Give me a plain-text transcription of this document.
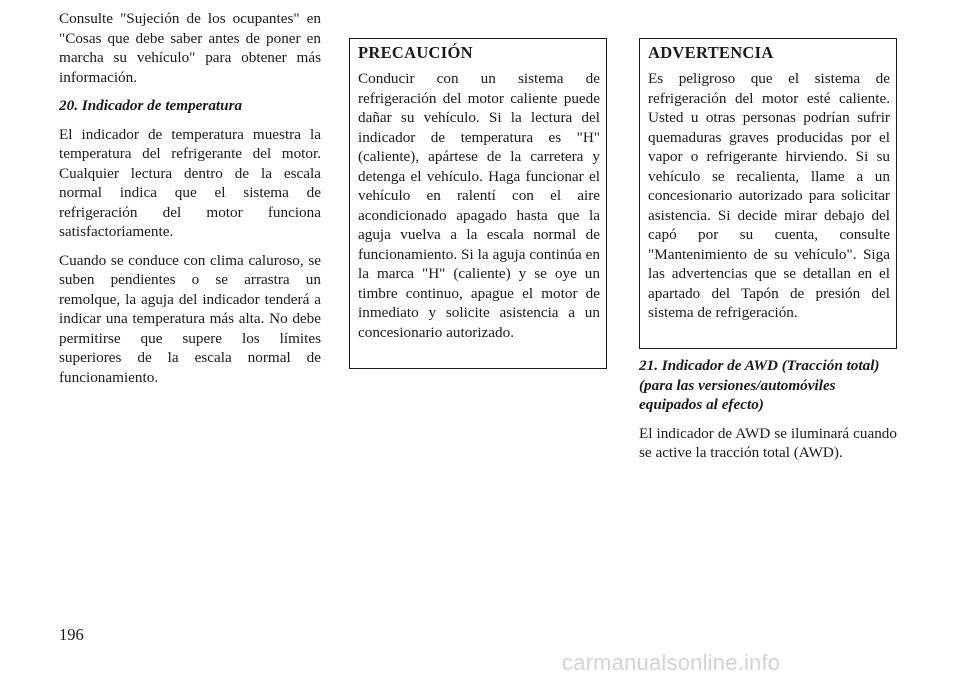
Consulte "Sujeción de los ocupantes" en "Cosas que debe saber antes de poner en marcha su vehículo" para obtener más información.

20. Indicador de temperatura

El indicador de temperatura muestra la temperatura del refrigerante del motor. Cualquier lectura dentro de la escala normal indica que el sistema de refrigeración del motor funciona satisfactoriamente.

Cuando se conduce con clima caluroso, se suben pendientes o se arrastra un remolque, la aguja del indicador tenderá a indicar una temperatura más alta. No debe permitirse que supere los límites superiores de la escala normal de funcionamiento.

PRECAUCIÓN

Conducir con un sistema de refrigeración del motor caliente puede dañar su vehículo. Si la lectura del indicador de temperatura es "H" (caliente), apártese de la carretera y detenga el vehículo. Haga funcionar el vehículo en ralentí con el aire acondicionado apagado hasta que la aguja vuelva a la escala normal de funcionamiento. Si la aguja continúa en la marca "H" (caliente) y se oye un timbre continuo, apague el motor de inmediato y solicite asistencia a un concesionario autorizado.

ADVERTENCIA

Es peligroso que el sistema de refrigeración del motor esté caliente. Usted u otras personas podrían sufrir quemaduras graves producidas por el vapor o refrigerante hirviendo. Si su vehículo se recalienta, llame a un concesionario autorizado para solicitar asistencia. Si decide mirar debajo del capó por su cuenta, consulte "Mantenimiento de su vehículo". Siga las advertencias que se detallan en el apartado del Tapón de presión del sistema de refrigeración.

21. Indicador de AWD (Tracción total) (para las versiones/automóviles equipados al efecto)

El indicador de AWD se iluminará cuando se active la tracción total (AWD).

196
carmanualsonline.info
